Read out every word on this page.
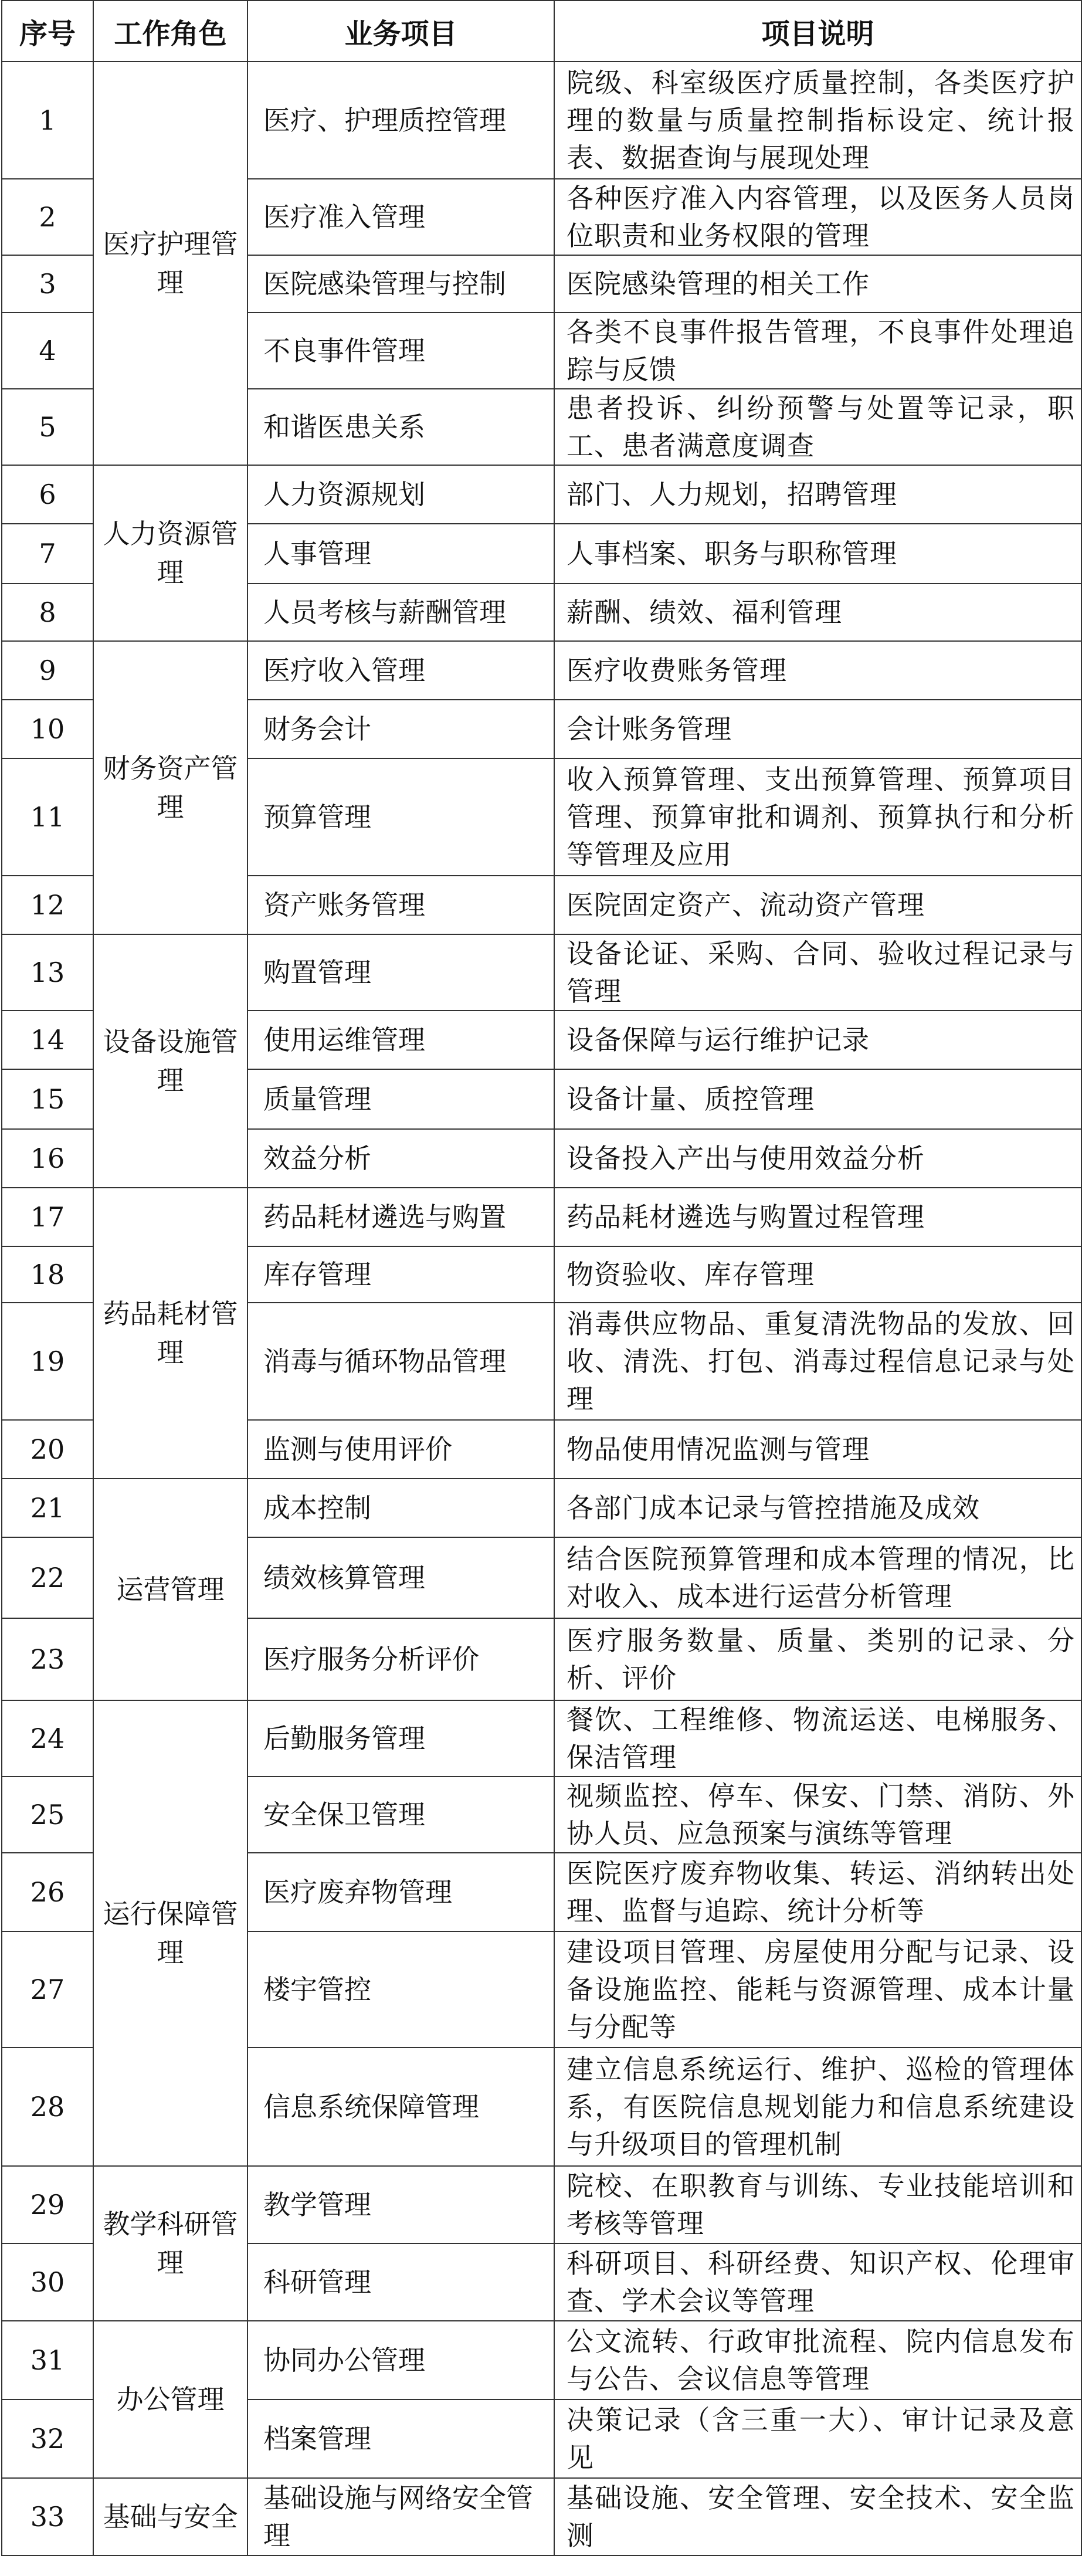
序号	工作角色	业务项目	项目说明
1	医疗护理管理	医疗、护理质控管理	院级、科室级医疗质量控制，各类医疗护理的数量与质量控制指标设定、统计报表、数据查询与展现处理
2		医疗准入管理	各种医疗准入内容管理，以及医务人员岗位职责和业务权限的管理
3		医院感染管理与控制	医院感染管理的相关工作
4		不良事件管理	各类不良事件报告管理，不良事件处理追踪与反馈
5		和谐医患关系	患者投诉、纠纷预警与处置等记录，职工、患者满意度调查
6	人力资源管理	人力资源规划	部门、人力规划，招聘管理
7		人事管理	人事档案、职务与职称管理
8		人员考核与薪酬管理	薪酬、绩效、福利管理
9	财务资产管理	医疗收入管理	医疗收费账务管理
10		财务会计	会计账务管理
11		预算管理	收入预算管理、支出预算管理、预算项目管理、预算审批和调剂、预算执行和分析等管理及应用
12		资产账务管理	医院固定资产、流动资产管理
13	设备设施管理	购置管理	设备论证、采购、合同、验收过程记录与管理
14		使用运维管理	设备保障与运行维护记录
15		质量管理	设备计量、质控管理
16		效益分析	设备投入产出与使用效益分析
17	药品耗材管理	药品耗材遴选与购置	药品耗材遴选与购置过程管理
18		库存管理	物资验收、库存管理
19		消毒与循环物品管理	消毒供应物品、重复清洗物品的发放、回收、清洗、打包、消毒过程信息记录与处理
20		监测与使用评价	物品使用情况监测与管理
21	运营管理	成本控制	各部门成本记录与管控措施及成效
22		绩效核算管理	结合医院预算管理和成本管理的情况，比对收入、成本进行运营分析管理
23		医疗服务分析评价	医疗服务数量、质量、类别的记录、分析、评价
24	运行保障管理	后勤服务管理	餐饮、工程维修、物流运送、电梯服务、保洁管理
25		安全保卫管理	视频监控、停车、保安、门禁、消防、外协人员、应急预案与演练等管理
26		医疗废弃物管理	医院医疗废弃物收集、转运、消纳转出处理、监督与追踪、统计分析等
27		楼宇管控	建设项目管理、房屋使用分配与记录、设备设施监控、能耗与资源管理、成本计量与分配等
28		信息系统保障管理	建立信息系统运行、维护、巡检的管理体系，有医院信息规划能力和信息系统建设与升级项目的管理机制
29	教学科研管理	教学管理	院校、在职教育与训练、专业技能培训和考核等管理
30		科研管理	科研项目、科研经费、知识产权、伦理审查、学术会议等管理
31	办公管理	协同办公管理	公文流转、行政审批流程、院内信息发布与公告、会议信息等管理
32		档案管理	决策记录（含三重一大）、审计记录及意见
33	基础与安全	基础设施与网络安全管理	基础设施、安全管理、安全技术、安全监测
